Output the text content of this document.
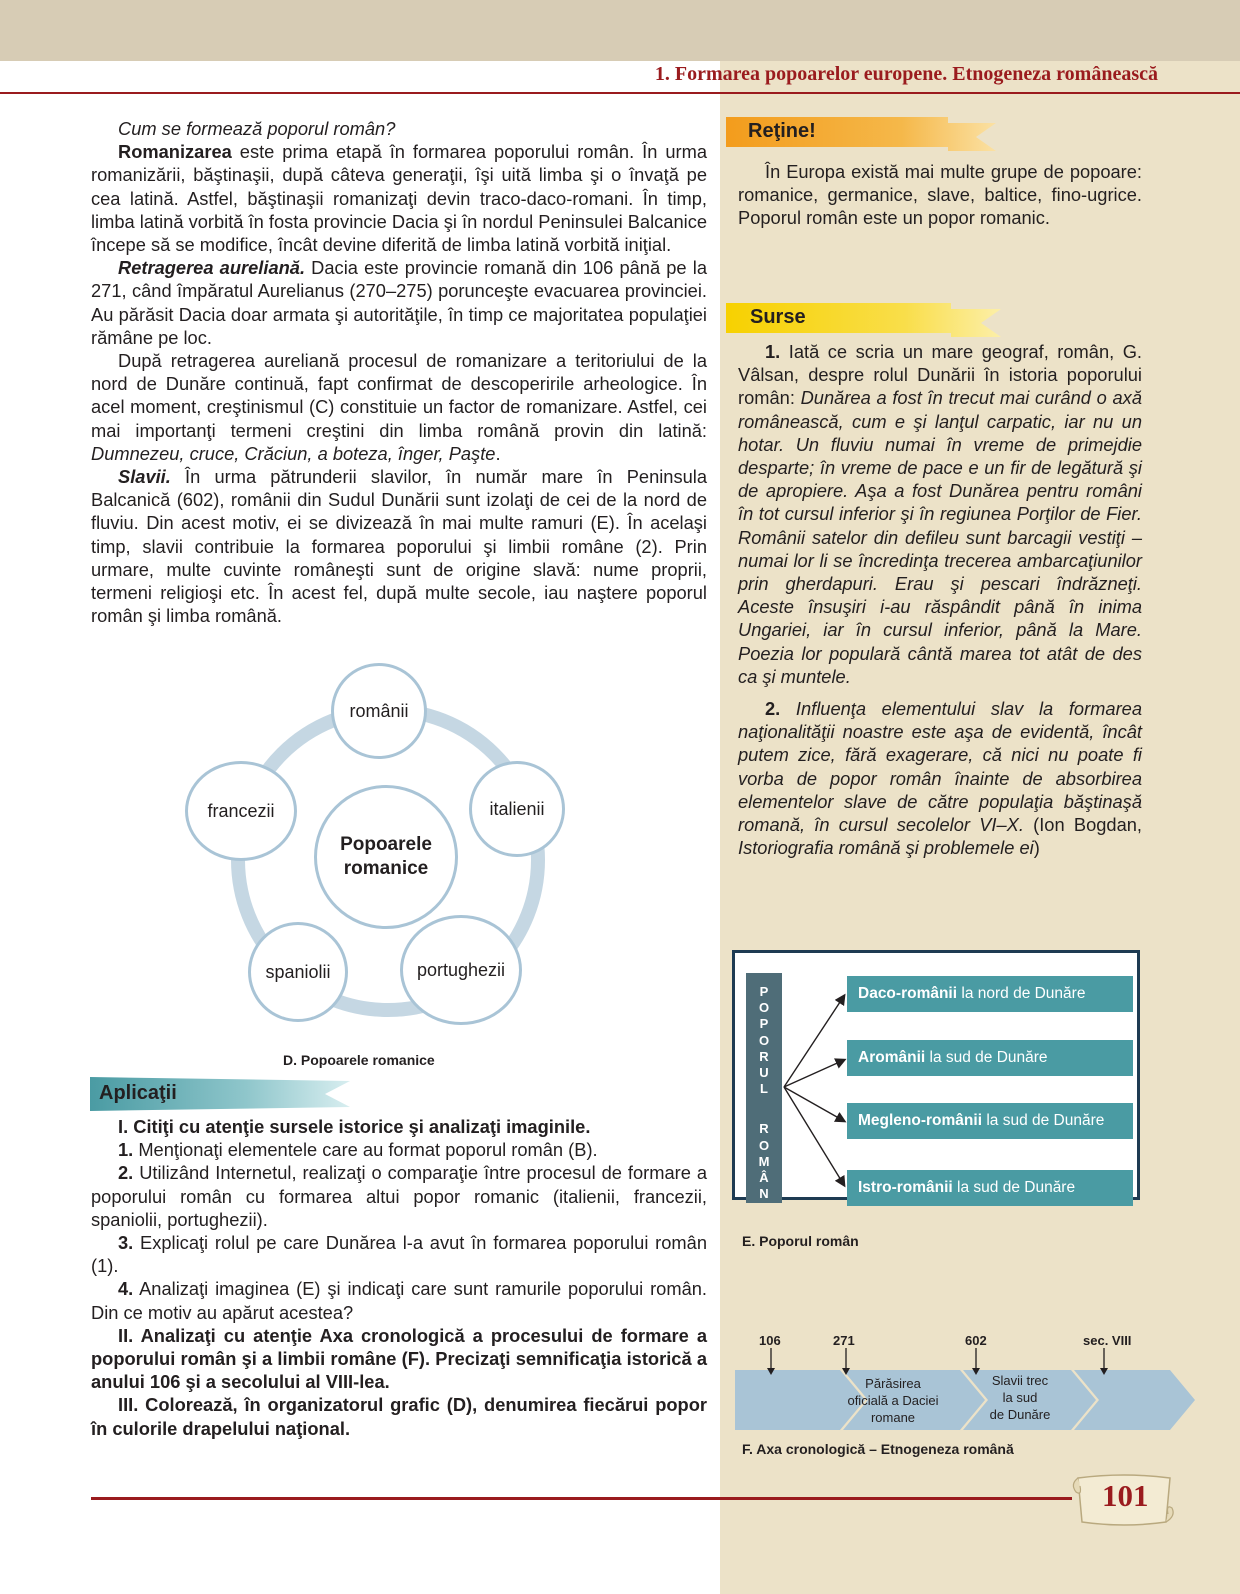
1. Formarea popoarelor europene. Etnogeneza românească

Cum se formează poporul român?

Romanizarea este prima etapă în formarea poporului român. În urma romanizării, băştinaşii, după câteva generaţii, îşi uită limba şi o învaţă pe cea latină. Astfel, băştinaşii romanizaţi devin traco-daco-romani. În timp, limba latină vorbită în fosta provincie Dacia şi în nordul Peninsulei Balcanice începe să se modifice, încât devine diferită de limba latină vorbită iniţial.

Retragerea aureliană. Dacia este provincie romană din 106 până pe la 271, când împăratul Aurelianus (270–275) porunceşte evacuarea provinciei. Au părăsit Dacia doar armata şi autorităţile, în timp ce majoritatea populaţiei rămâne pe loc.

După retragerea aureliană procesul de romanizare a teritoriului de la nord de Dunăre continuă, fapt confirmat de descoperirile arheologice. În acel moment, creştinismul (C) constituie un factor de romanizare. Astfel, cei mai importanţi termeni creştini din limba română provin din latină: Dumnezeu, cruce, Crăciun, a boteza, înger, Paşte.

Slavii. În urma pătrunderii slavilor, în număr mare în Peninsula Balcanică (602), românii din Sudul Dunării sunt izolaţi de cei de la nord de fluviu. Din acest motiv, ei se divizează în mai multe ramuri (E). În acelaşi timp, slavii contribuie la formarea poporului şi limbii române (2). Prin urmare, multe cuvinte româneşti sunt de origine slavă: nume proprii, termeni religioşi etc. În acest fel, după multe secole, iau naştere poporul român şi limba română.

Popoarele romanice
românii
italienii
portughezii
spaniolii
francezii
D. Popoarele romanice
Aplicaţii

I. Citiţi cu atenţie sursele istorice şi analizaţi imaginile.

1. Menţionaţi elementele care au format poporul român (B).

2. Utilizând Internetul, realizaţi o comparaţie între procesul de formare a poporului român cu formarea altui popor romanic (italienii, francezii, spaniolii, portughezii).

3. Explicaţi rolul pe care Dunărea l-a avut în formarea poporului român (1).

4. Analizaţi imaginea (E) şi indicaţi care sunt ramurile poporului român. Din ce motiv au apărut acestea?

II. Analizaţi cu atenţie Axa cronologică a procesului de formare a poporului român şi a limbii române (F). Precizaţi semnificaţia istorică a anului 106 şi a secolului al VIII-lea.

III. Colorează, în organizatorul grafic (D), denumirea fiecărui popor în culorile drapelului naţional.

Reţine!

În Europa există mai multe grupe de popoare: romanice, germanice, slave, baltice, fino-ugrice. Poporul român este un popor romanic.

Surse

1. Iată ce scria un mare geograf, român, G. Vâlsan, despre rolul Dunării în istoria poporului român: Dunărea a fost în trecut mai curând o axă românească, cum e şi lanţul carpatic, iar nu un hotar. Un fluviu numai în vreme de primejdie desparte; în vreme de pace e un fir de legătură şi de apropiere. Aşa a fost Dunărea pentru români în tot cursul inferior şi în regiunea Porţilor de Fier. Românii satelor din defileu sunt barcagii vestiţi – numai lor li se încredinţa trecerea ambarcaţiunilor prin gherdapuri. Erau şi pescari îndrăzneţi. Aceste însuşiri i-au răspândit până în inima Ungariei, iar în cursul inferior, până la Mare. Poezia lor populară cântă marea tot atât de des ca şi muntele.

2. Influenţa elementului slav la formarea naţionalităţii noastre este aşa de evidentă, încât putem zice, fără exagerare, că nici nu poate fi vorba de popor român înainte de absorbirea elementelor slave de către populaţia băştinaşă romană, în cursul secolelor VI–X. (Ion Bogdan, Istoriografia română şi problemele ei)

P
O
P
O
R
U
L
R
O
M
Â
N
Daco-românii la nord de Dunăre
Aromânii la sud de Dunăre
Megleno-românii la sud de Dunăre
Istro-românii la sud de Dunăre
E. Poporul român
106	271	602	sec. VIII
Părăsirea
oficială a Daciei
romane
Slavii trec
la sud
de Dunăre
F. Axa cronologică – Etnogeneza română
101
